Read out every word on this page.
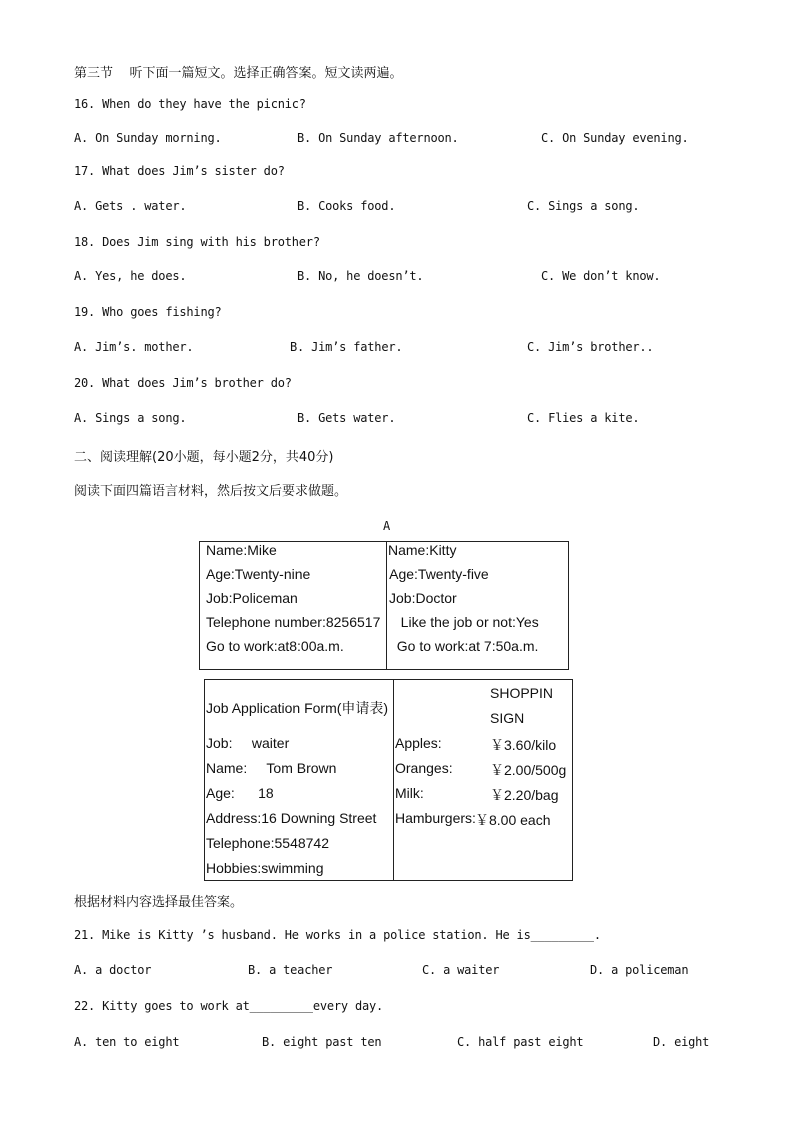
第三节    听下面一篇短文。选择正确答案。短文读两遍。
16. When do they have the picnic?
A. On Sunday morning.	B. On Sunday afternoon.	C. On Sunday evening.
17. What does Jim’s sister do?
A. Gets . water.	B. Cooks food.	C. Sings a song.
18. Does Jim sing with his brother?
A. Yes, he does.	B. No, he doesn’t.	C. We don’t know.
19. Who goes fishing?
A. Jim’s. mother.	B. Jim’s father.	C. Jim’s brother..
20. What does Jim’s brother do?
A. Sings a song.	B. Gets water.	C. Flies a kite.
二、阅读理解(20小题，每小题2分，共40分)
阅读下面四篇语言材料，然后按文后要求做题。
A
Name:Mike
Age:Twenty-nine
Job:Policeman
Telephone number:8256517
Go to work:at8:00a.m.
Name:Kitty
Age:Twenty-five
Job:Doctor
Like the job or not:Yes
Go to work:at 7:50a.m.
Job Application Form(申请表)
Job:     waiter
Name:     Tom Brown
Age:      18
Address:16 Downing Street
Telephone:5548742
Hobbies:swimming
SHOPPIN
SIGN
Apples:	￥3.60/kilo
Oranges:	￥2.00/500g
Milk:	￥2.20/bag
Hamburgers: ￥8.00 each
根据材料内容选择最佳答案。
21. Mike is Kitty ’s husband. He works in a police station. He is_________.
A. a doctor	B. a teacher	C. a waiter	D. a policeman
22. Kitty goes to work at_________every day.
A. ten to eight	B. eight past ten	C. half past eight	D. eight
